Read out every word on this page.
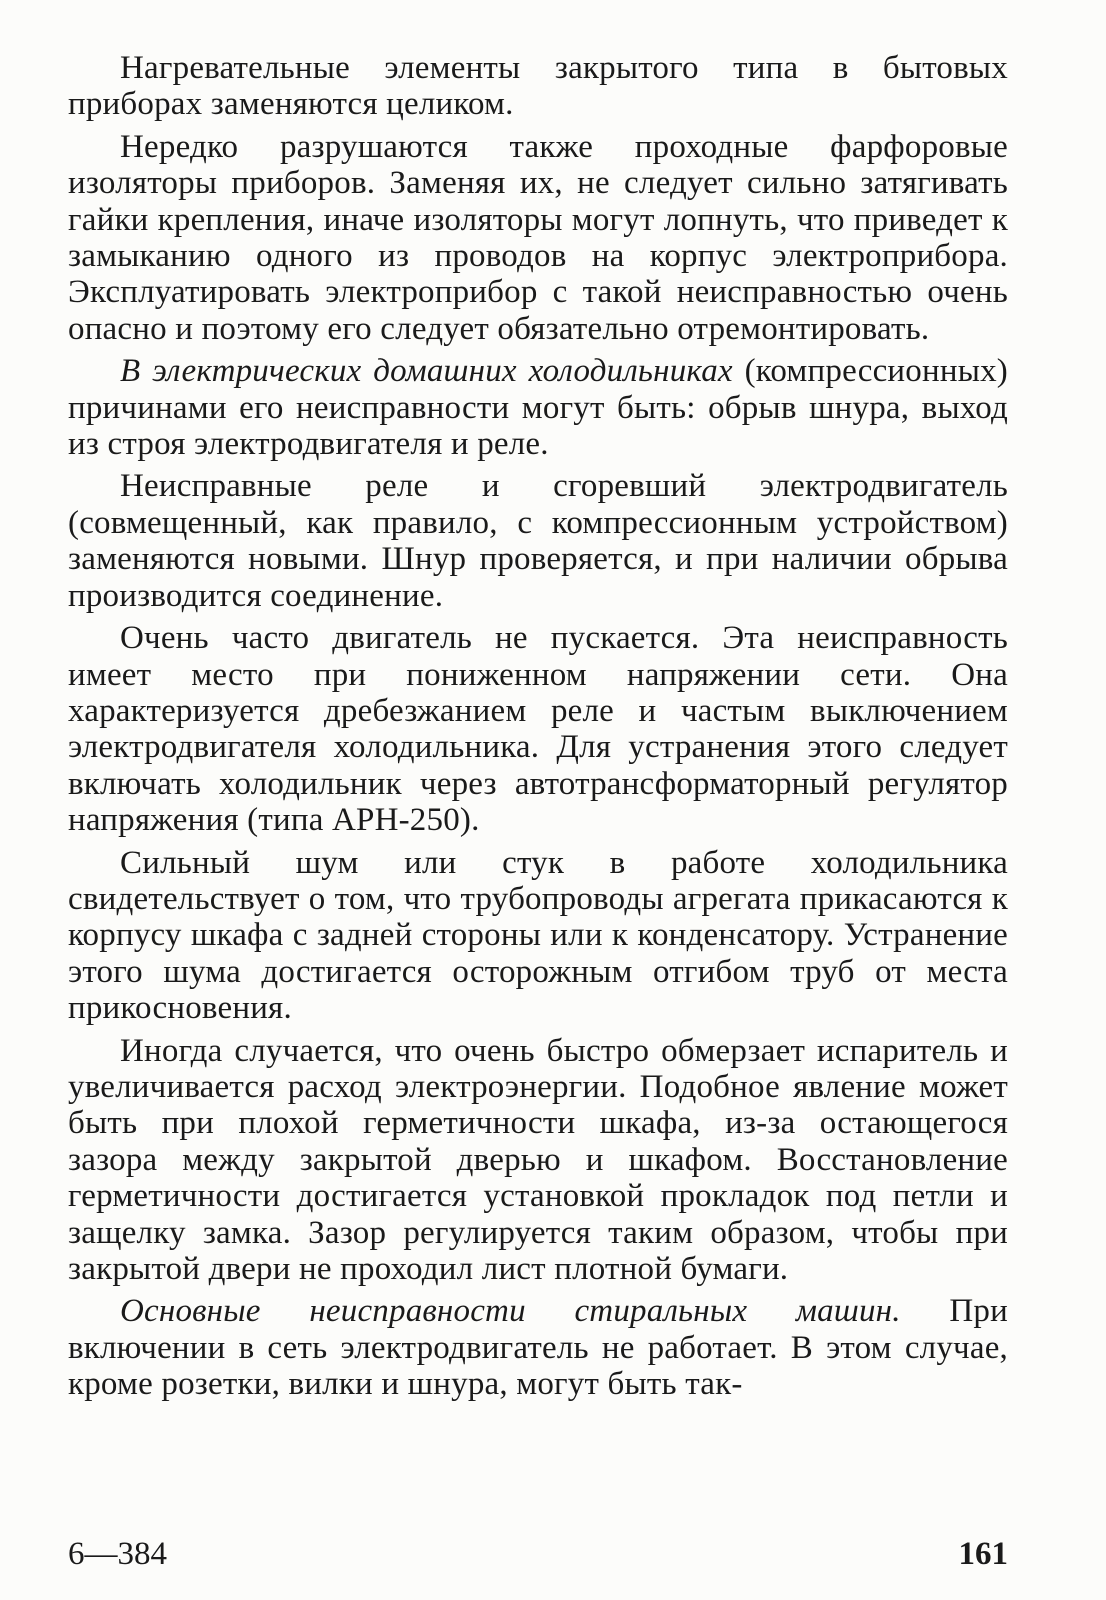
Нагревательные элементы закрытого типа в бытовых приборах заменяются целиком.

Нередко разрушаются также проходные фарфоровые изоляторы приборов. Заменяя их, не следует сильно затягивать гайки крепления, иначе изоляторы могут лопнуть, что приведет к замыканию одного из проводов на корпус электроприбора. Эксплуатировать электроприбор с такой неисправностью очень опасно и поэтому его следует обязательно отремонтировать.

В электрических домашних холодильниках (компрессионных) причинами его неисправности могут быть: обрыв шнура, выход из строя электродвигателя и реле.

Неисправные реле и сгоревший электродвигатель (совмещенный, как правило, с компрессионным устройством) заменяются новыми. Шнур проверяется, и при наличии обрыва производится соединение.

Очень часто двигатель не пускается. Эта неисправность имеет место при пониженном напряжении сети. Она характеризуется дребезжанием реле и частым выключением электродвигателя холодильника. Для устранения этого следует включать холодильник через автотрансформаторный регулятор напряжения (типа АРН-250).

Сильный шум или стук в работе холодильника свидетельствует о том, что трубопроводы агрегата прикасаются к корпусу шкафа с задней стороны или к конденсатору. Устранение этого шума достигается осторожным отгибом труб от места прикосновения.

Иногда случается, что очень быстро обмерзает испаритель и увеличивается расход электроэнергии. Подобное явление может быть при плохой герметичности шкафа, из-за остающегося зазора между закрытой дверью и шкафом. Восстановление герметичности достигается установкой прокладок под петли и защелку замка. Зазор регулируется таким образом, чтобы при закрытой двери не проходил лист плотной бумаги.

Основные неисправности стиральных машин. При включении в сеть электродвигатель не работает. В этом случае, кроме розетки, вилки и шнура, могут быть так-

6—384	161
